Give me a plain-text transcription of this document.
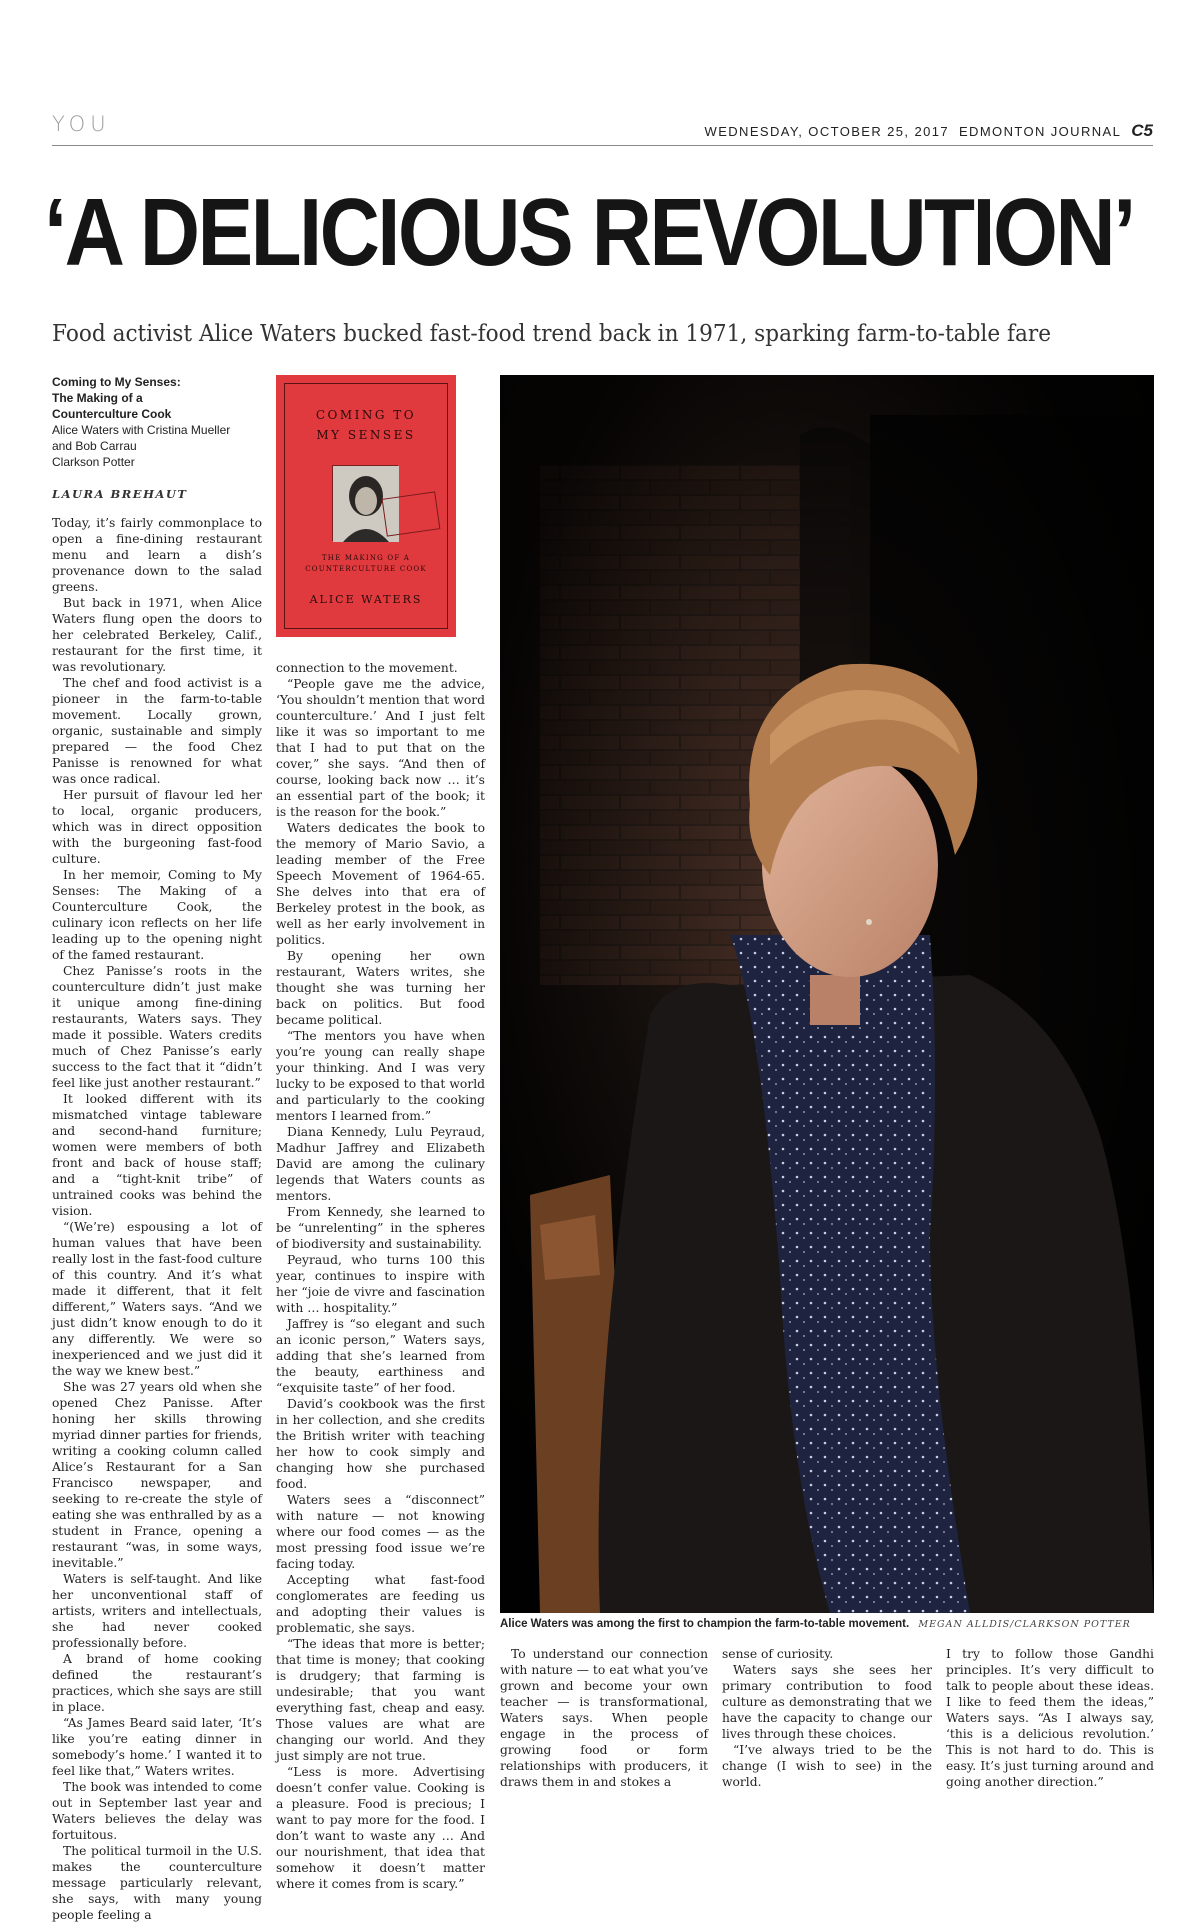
YOU	WEDNESDAY, OCTOBER 25, 2017 EDMONTON JOURNAL C5
‘A DELICIOUS REVOLUTION’
Food activist Alice Waters bucked fast-food trend back in 1971, sparking farm-to-table fare
Coming to My Senses:
The Making of a
Counterculture Cook
Alice Waters with Cristina Mueller
and Bob Carrau
Clarkson Potter
LAURA BREHAUT
COMING TO
MY SENSES
THE MAKING OF A
COUNTERCULTURE COOK
ALICE WATERS

Today, it’s fairly commonplace to open a fine-dining restaurant menu and learn a dish’s provenance down to the salad greens.

But back in 1971, when Alice Waters flung open the doors to her celebrated Berkeley, Calif., restaurant for the first time, it was revolutionary.

The chef and food activist is a pioneer in the farm-to-table movement. Locally grown, organic, sustainable and simply prepared — the food Chez Panisse is renowned for what was once radical.

Her pursuit of flavour led her to local, organic producers, which was in direct opposition with the burgeoning fast-food culture.

In her memoir, Coming to My Senses: The Making of a Counterculture Cook, the culinary icon reflects on her life leading up to the opening night of the famed restaurant.

Chez Panisse’s roots in the counterculture didn’t just make it unique among fine-dining restaurants, Waters says. They made it possible. Waters credits much of Chez Panisse’s early success to the fact that it “didn’t feel like just another restaurant.”

It looked different with its mismatched vintage tableware and second-hand furniture; women were members of both front and back of house staff; and a “tight-knit tribe” of untrained cooks was behind the vision.

“(We’re) espousing a lot of human values that have been really lost in the fast-food culture of this country. And it’s what made it different, that it felt different,” Waters says. “And we just didn’t know enough to do it any differently. We were so inexperienced and we just did it the way we knew best.”

She was 27 years old when she opened Chez Panisse. After honing her skills throwing myriad dinner parties for friends, writing a cooking column called Alice’s Restaurant for a San Francisco newspaper, and seeking to re-create the style of eating she was enthralled by as a student in France, opening a restaurant “was, in some ways, inevitable.”

Waters is self-taught. And like her unconventional staff of artists, writers and intellectuals, she had never cooked professionally before.

A brand of home cooking defined the restaurant’s practices, which she says are still in place.

“As James Beard said later, ‘It’s like you’re eating dinner in somebody’s home.’ I wanted it to feel like that,” Waters writes.

The book was intended to come out in September last year and Waters believes the delay was fortuitous.

The political turmoil in the U.S. makes the counterculture message particularly relevant, she says, with many young people feeling a

connection to the movement.

“People gave me the advice, ‘You shouldn’t mention that word counterculture.’ And I just felt like it was so important to me that I had to put that on the cover,” she says. “And then of course, looking back now … it’s an essential part of the book; it is the reason for the book.”

Waters dedicates the book to the memory of Mario Savio, a leading member of the Free Speech Movement of 1964-65. She delves into that era of Berkeley protest in the book, as well as her early involvement in politics.

By opening her own restaurant, Waters writes, she thought she was turning her back on politics. But food became political.

“The mentors you have when you’re young can really shape your thinking. And I was very lucky to be exposed to that world and particularly to the cooking mentors I learned from.”

Diana Kennedy, Lulu Peyraud, Madhur Jaffrey and Elizabeth David are among the culinary legends that Waters counts as mentors.

From Kennedy, she learned to be “unrelenting” in the spheres of biodiversity and sustainability.

Peyraud, who turns 100 this year, continues to inspire with her “joie de vivre and fascination with … hospitality.”

Jaffrey is “so elegant and such an iconic person,” Waters says, adding that she’s learned from the beauty, earthiness and “exquisite taste” of her food.

David’s cookbook was the first in her collection, and she credits the British writer with teaching her how to cook simply and changing how she purchased food.

Waters sees a “disconnect” with nature — not knowing where our food comes — as the most pressing food issue we’re facing today.

Accepting what fast-food conglomerates are feeding us and adopting their values is problematic, she says.

“The ideas that more is better; that time is money; that cooking is drudgery; that farming is undesirable; that you want everything fast, cheap and easy. Those values are what are changing our world. And they just simply are not true.

“Less is more. Advertising doesn’t confer value. Cooking is a pleasure. Food is precious; I want to pay more for the food. I don’t want to waste any … And our nourishment, that idea that somehow it doesn’t matter where it comes from is scary.”

Alice Waters was among the first to champion the farm-to-table movement. MEGAN ALLDIS/CLARKSON POTTER

To understand our connection with nature — to eat what you’ve grown and become your own teacher — is transformational, Waters says. When people engage in the process of growing food or form relationships with producers, it draws them in and stokes a

sense of curiosity.

Waters says she sees her primary contribution to food culture as demonstrating that we have the capacity to change our lives through these choices.

“I’ve always tried to be the change (I wish to see) in the world.

I try to follow those Gandhi principles. It’s very difficult to talk to people about these ideas. I like to feed them the ideas,” Waters says. “As I always say, ‘this is a delicious revolution.’ This is not hard to do. This is easy. It’s just turning around and going another direction.”
